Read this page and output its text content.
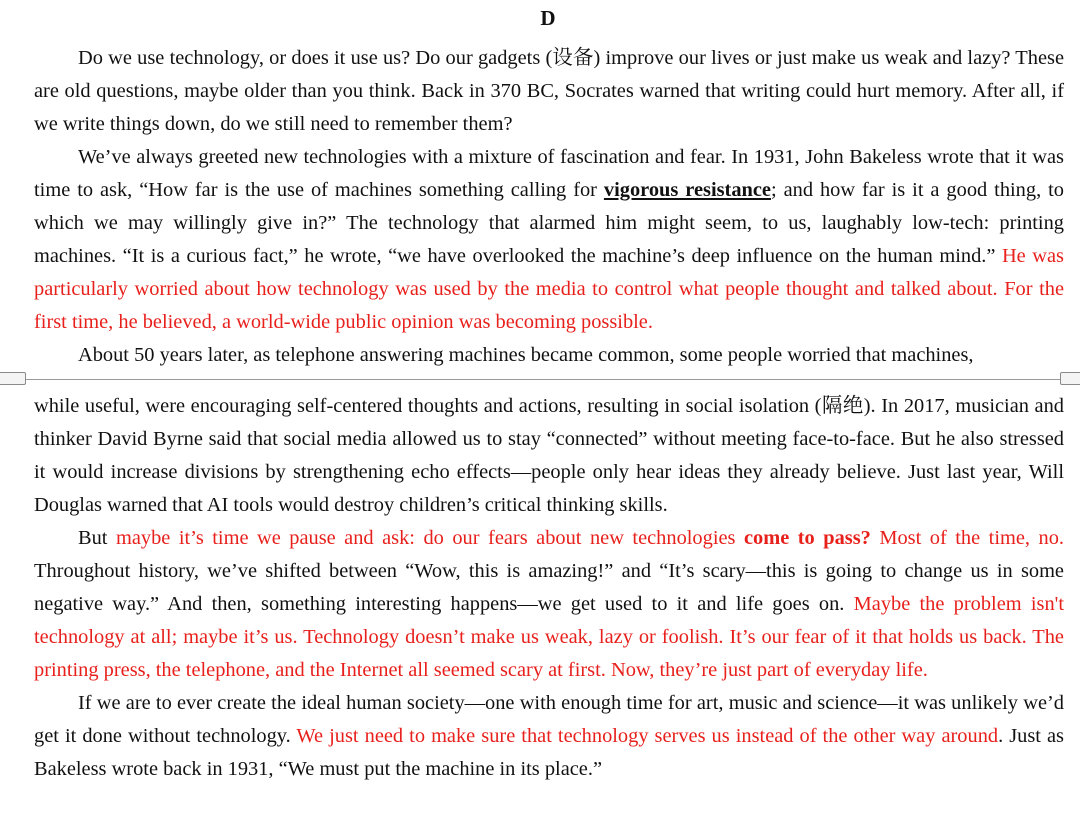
D

Do we use technology, or does it use us? Do our gadgets (设备) improve our lives or just make us weak and lazy? These are old questions, maybe older than you think. Back in 370 BC, Socrates warned that writing could hurt memory. After all, if we write things down, do we still need to remember them?

We’ve always greeted new technologies with a mixture of fascination and fear. In 1931, John Bakeless wrote that it was time to ask, “How far is the use of machines something calling for vigorous resistance; and how far is it a good thing, to which we may willingly give in?” The technology that alarmed him might seem, to us, laughably low-tech: printing machines. “It is a curious fact,” he wrote, “we have overlooked the machine’s deep influence on the human mind.” He was particularly worried about how technology was used by the media to control what people thought and talked about. For the first time, he believed, a world-wide public opinion was becoming possible.

About 50 years later, as telephone answering machines became common, some people worried that machines,

while useful, were encouraging self-centered thoughts and actions, resulting in social isolation (隔绝). In 2017, musician and thinker David Byrne said that social media allowed us to stay “connected” without meeting face-to-face. But he also stressed it would increase divisions by strengthening echo effects—people only hear ideas they already believe. Just last year, Will Douglas warned that AI tools would destroy children’s critical thinking skills.

But maybe it’s time we pause and ask: do our fears about new technologies come to pass? Most of the time, no. Throughout history, we’ve shifted between “Wow, this is amazing!” and “It’s scary—this is going to change us in some negative way.” And then, something interesting happens—we get used to it and life goes on. Maybe the problem isn't technology at all; maybe it’s us. Technology doesn’t make us weak, lazy or foolish. It’s our fear of it that holds us back. The printing press, the telephone, and the Internet all seemed scary at first. Now, they’re just part of everyday life.

If we are to ever create the ideal human society—one with enough time for art, music and science—it was unlikely we’d get it done without technology. We just need to make sure that technology serves us instead of the other way around. Just as Bakeless wrote back in 1931, “We must put the machine in its place.”
